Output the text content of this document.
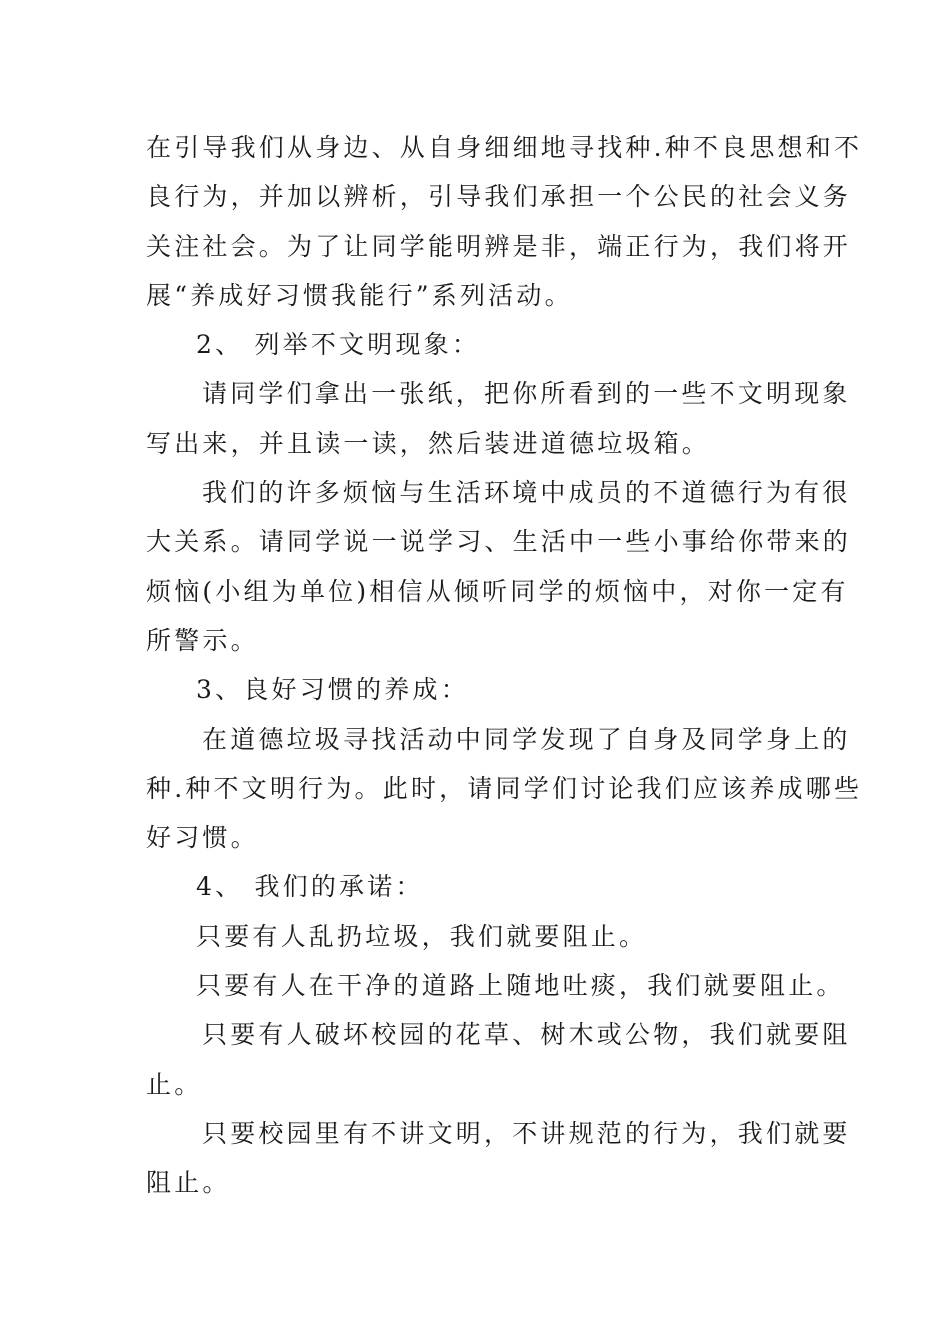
在引导我们从身边、从自身细细地寻找种.种不良思想和不
良行为，并加以辨析，引导我们承担一个公民的社会义务
关注社会。为了让同学能明辨是非，端正行为，我们将开
展“养成好习惯我能行”系列活动。
2、 列举不文明现象：
请同学们拿出一张纸，把你所看到的一些不文明现象
写出来，并且读一读，然后装进道德垃圾箱。
我们的许多烦恼与生活环境中成员的不道德行为有很
大关系。请同学说一说学习、生活中一些小事给你带来的
烦恼(小组为单位)相信从倾听同学的烦恼中，对你一定有
所警示。
3、良好习惯的养成：
在道德垃圾寻找活动中同学发现了自身及同学身上的
种.种不文明行为。此时，请同学们讨论我们应该养成哪些
好习惯。
4、 我们的承诺：
只要有人乱扔垃圾，我们就要阻止。
只要有人在干净的道路上随地吐痰，我们就要阻止。
只要有人破坏校园的花草、树木或公物，我们就要阻
止。
只要校园里有不讲文明，不讲规范的行为，我们就要
阻止。
